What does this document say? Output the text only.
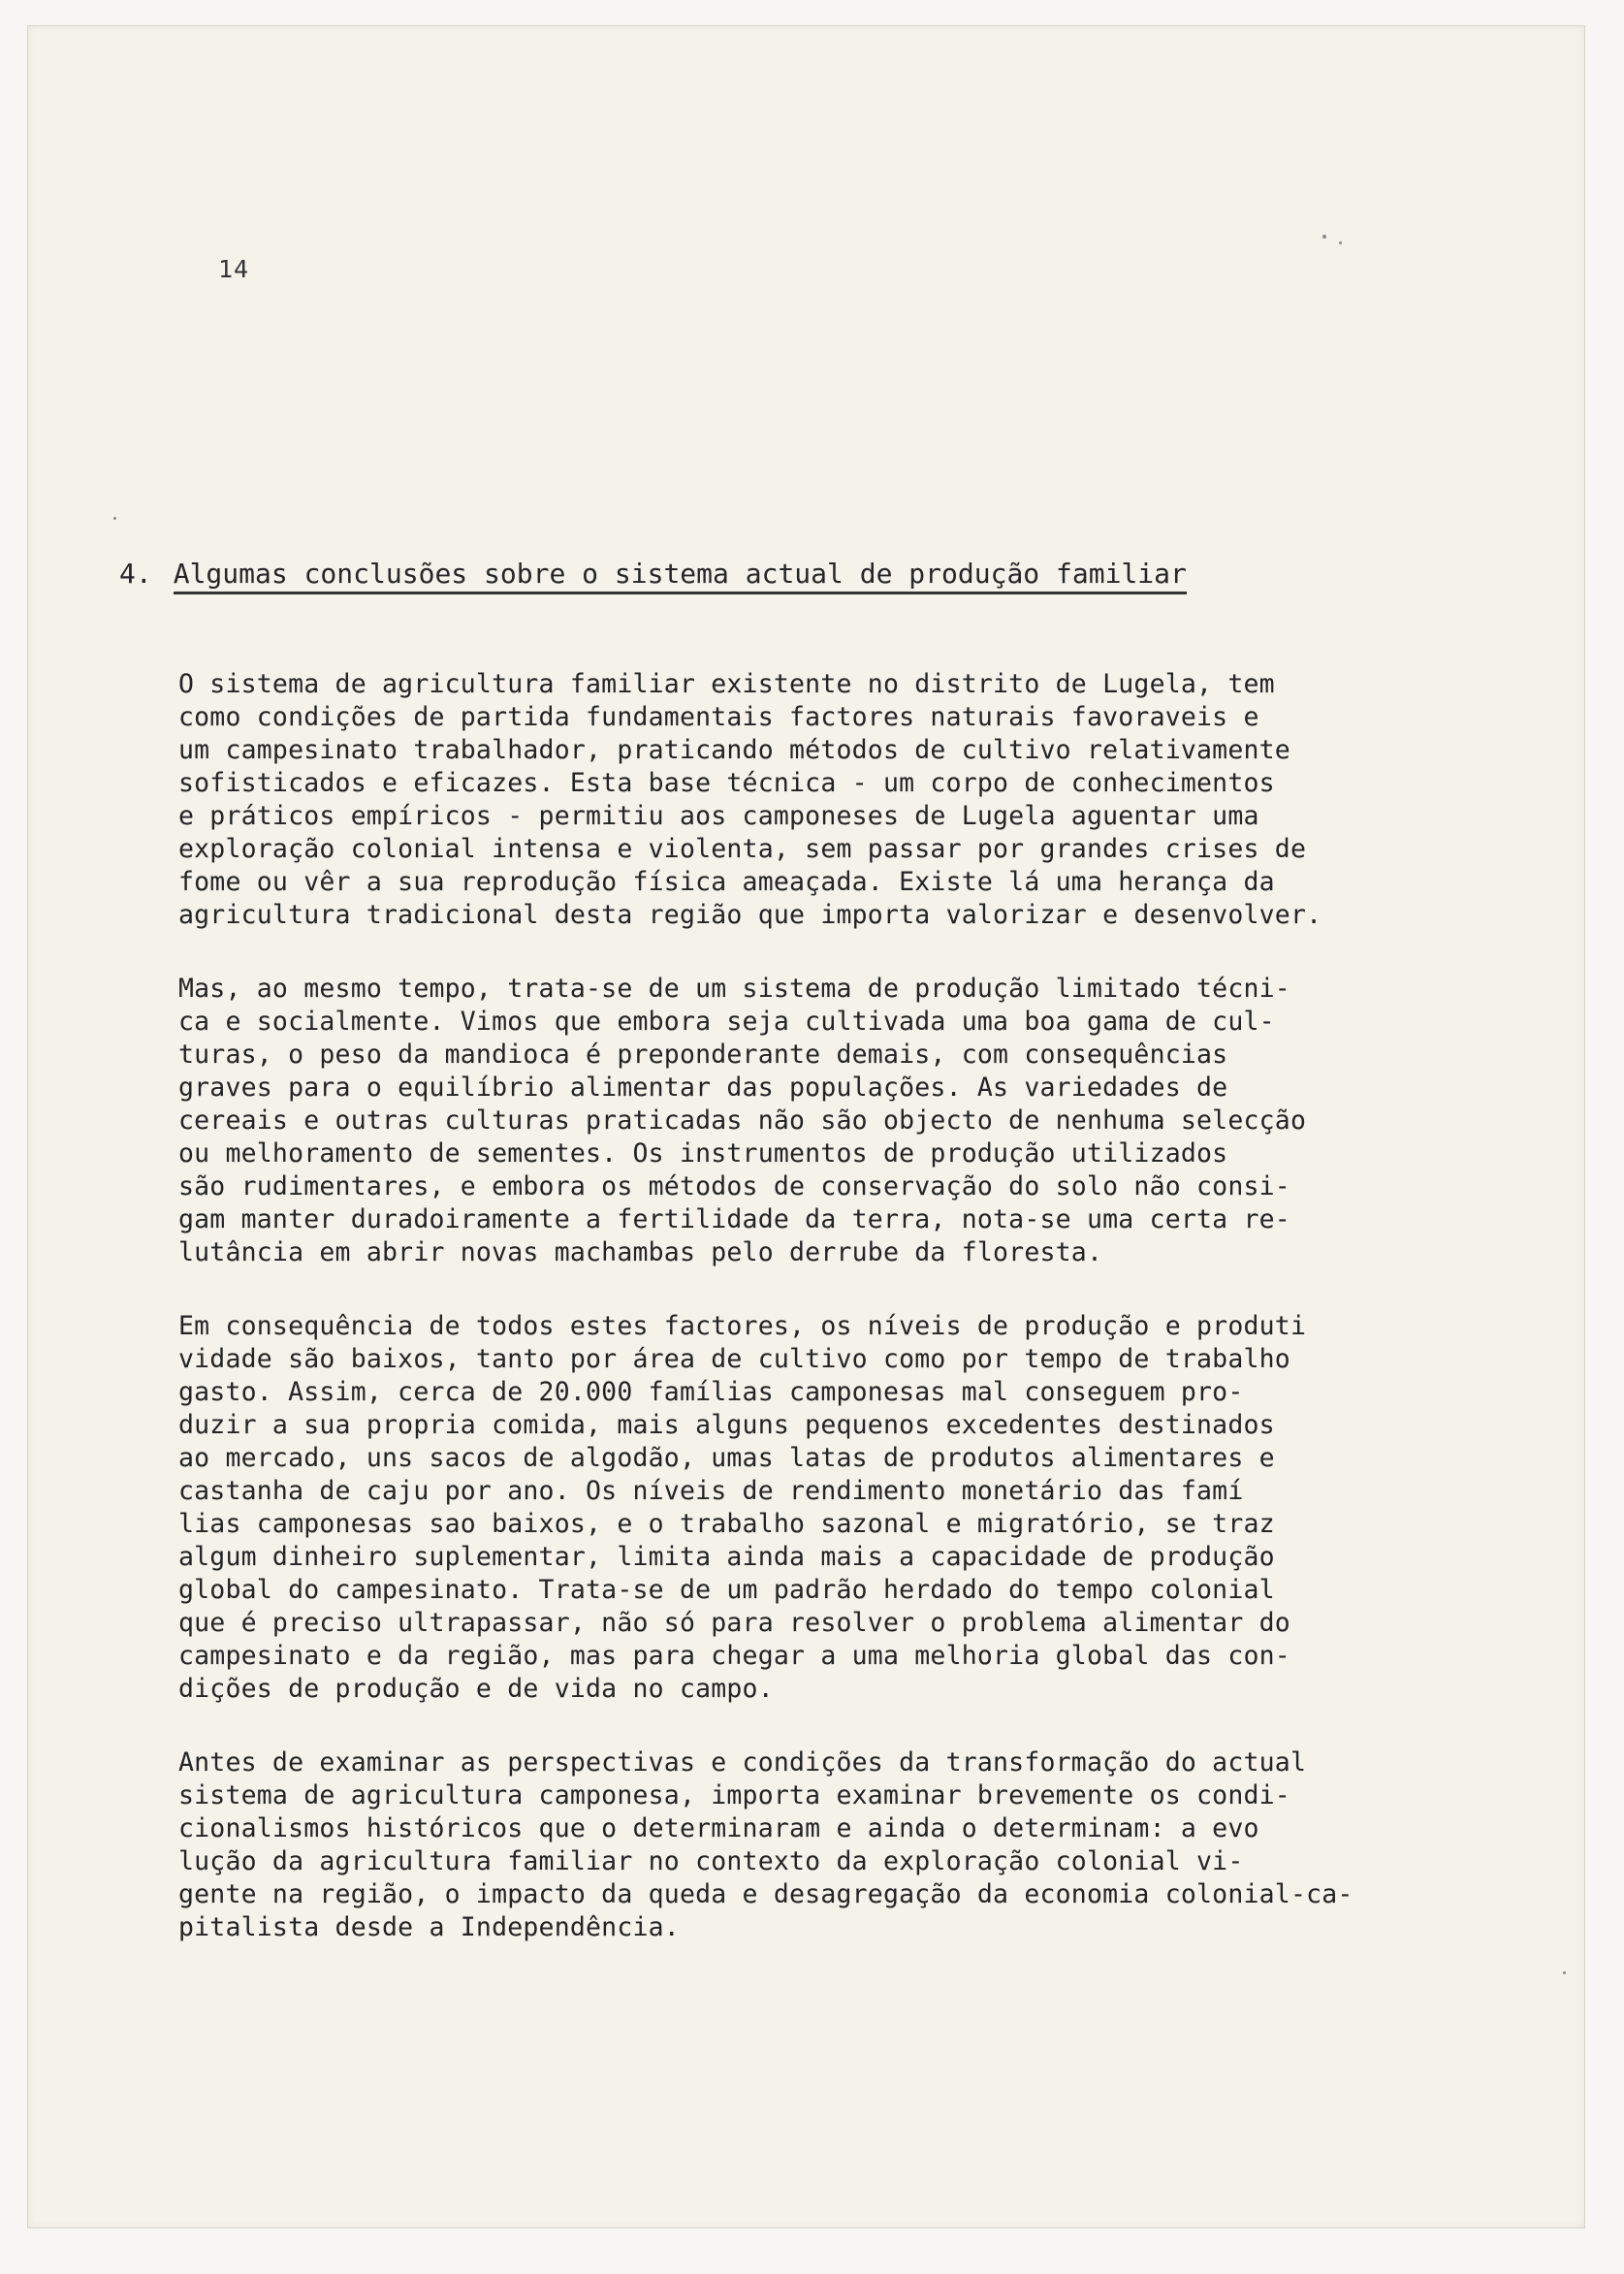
14
4. Algumas conclusões sobre o sistema actual de produção familiar
O sistema de agricultura familiar existente no distrito de Lugela, tem
como condições de partida fundamentais factores naturais favoraveis e
um campesinato trabalhador, praticando métodos de cultivo relativamente
sofisticados e eficazes. Esta base técnica - um corpo de conhecimentos
e práticos empíricos - permitiu aos camponeses de Lugela aguentar uma
exploração colonial intensa e violenta, sem passar por grandes crises de
fome ou vêr a sua reprodução física ameaçada. Existe lá uma herança da
agricultura tradicional desta região que importa valorizar e desenvolver.
Mas, ao mesmo tempo, trata-se de um sistema de produção limitado técni-
ca e socialmente. Vimos que embora seja cultivada uma boa gama de cul-
turas, o peso da mandioca é preponderante demais, com consequências
graves para o equilíbrio alimentar das populações. As variedades de
cereais e outras culturas praticadas não são objecto de nenhuma selecção
ou melhoramento de sementes. Os instrumentos de produção utilizados
são rudimentares, e embora os métodos de conservação do solo não consi-
gam manter duradoiramente a fertilidade da terra, nota-se uma certa re-
lutância em abrir novas machambas pelo derrube da floresta.
Em consequência de todos estes factores, os níveis de produção e produti
vidade são baixos, tanto por área de cultivo como por tempo de trabalho
gasto. Assim, cerca de 20.000 famílias camponesas mal conseguem pro-
duzir a sua propria comida, mais alguns pequenos excedentes destinados
ao mercado, uns sacos de algodão, umas latas de produtos alimentares e
castanha de caju por ano. Os níveis de rendimento monetário das famí
lias camponesas sao baixos, e o trabalho sazonal e migratório, se traz
algum dinheiro suplementar, limita ainda mais a capacidade de produção
global do campesinato. Trata-se de um padrão herdado do tempo colonial
que é preciso ultrapassar, não só para resolver o problema alimentar do
campesinato e da região, mas para chegar a uma melhoria global das con-
dições de produção e de vida no campo.
Antes de examinar as perspectivas e condições da transformação do actual
sistema de agricultura camponesa, importa examinar brevemente os condi-
cionalismos históricos que o determinaram e ainda o determinam: a evo
lução da agricultura familiar no contexto da exploração colonial vi-
gente na região, o impacto da queda e desagregação da economia colonial-ca-
pitalista desde a Independência.
